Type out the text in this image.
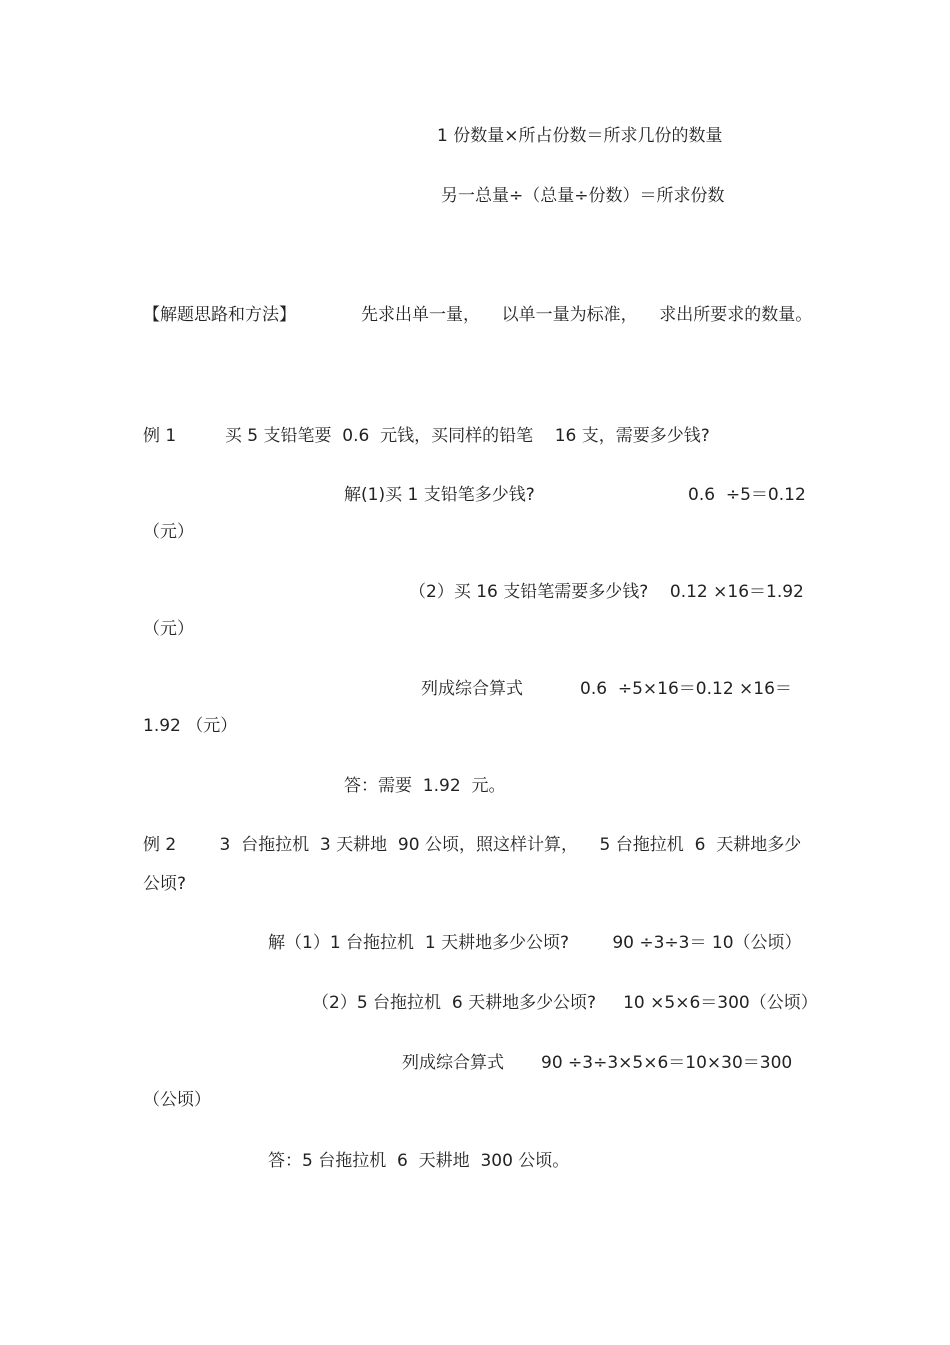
1 份数量×所占份数＝所求几份的数量

另一总量÷（总量÷份数）＝所求份数

【解题思路和方法】	先求出单一量，    以单一量为标准，    求出所要求的数量。

例 1         买 5 支铅笔要  0.6  元钱，买同样的铅笔    16 支，需要多少钱?

解(1)买 1 支铅笔多少钱?	0.6  ÷5＝0.12

（元）

（2）买 16 支铅笔需要多少钱?    0.12 ×16＝1.92

（元）

列成综合算式	0.6  ÷5×16＝0.12 ×16＝

1.92 （元）

答：需要  1.92  元。

例 2        3  台拖拉机  3 天耕地  90 公顷，照这样计算，    5 台拖拉机  6  天耕地多少

公顷?

解（1）1 台拖拉机  1 天耕地多少公顷?        90 ÷3÷3＝ 10（公顷）

（2）5 台拖拉机  6 天耕地多少公顷?     10 ×5×6＝300（公顷）

列成综合算式 90 ÷3÷3×5×6＝10×30＝300

（公顷）

答：5 台拖拉机  6  天耕地  300 公顷。
